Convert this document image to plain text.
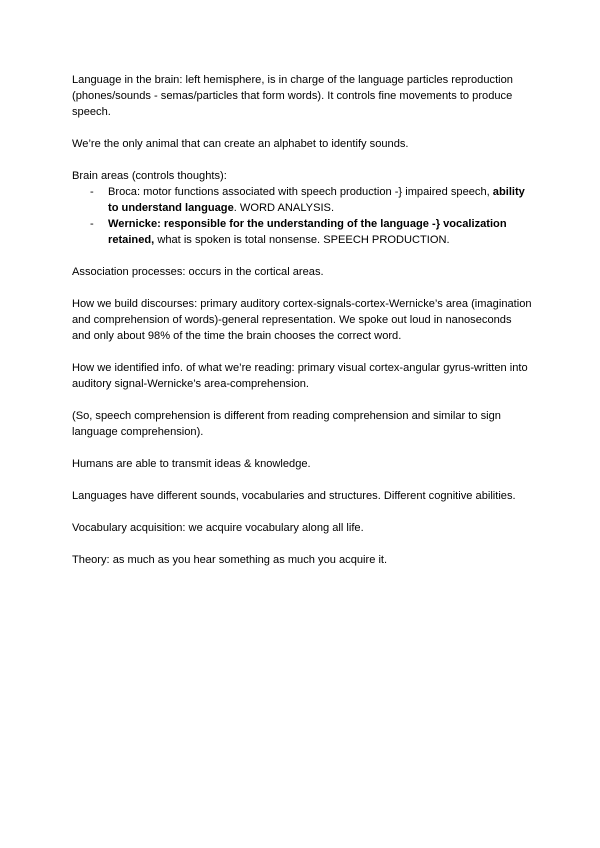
Language in the brain: left hemisphere, is in charge of the language particles reproduction (phones/sounds - semas/particles that form words). It controls fine movements to produce speech.

We’re the only animal that can create an alphabet to identify sounds.

Brain areas (controls thoughts):

- Broca: motor functions associated with speech production -} impaired speech, ability to understand language. WORD ANALYSIS.
- Wernicke: responsible for the understanding of the language -} vocalization retained, what is spoken is total nonsense. SPEECH PRODUCTION.

Association processes: occurs in the cortical areas.

How we build discourses: primary auditory cortex-signals-cortex-Wernicke’s area (imagination and comprehension of words)-general representation. We spoke out loud in nanoseconds and only about 98% of the time the brain chooses the correct word.

How we identified info. of what we’re reading: primary visual cortex-angular gyrus-written into auditory signal-Wernicke’s area-comprehension.

(So, speech comprehension is different from reading comprehension and similar to sign language comprehension).

Humans are able to transmit ideas & knowledge.

Languages have different sounds, vocabularies and structures. Different cognitive abilities.

Vocabulary acquisition: we acquire vocabulary along all life.

Theory: as much as you hear something as much you acquire it.
